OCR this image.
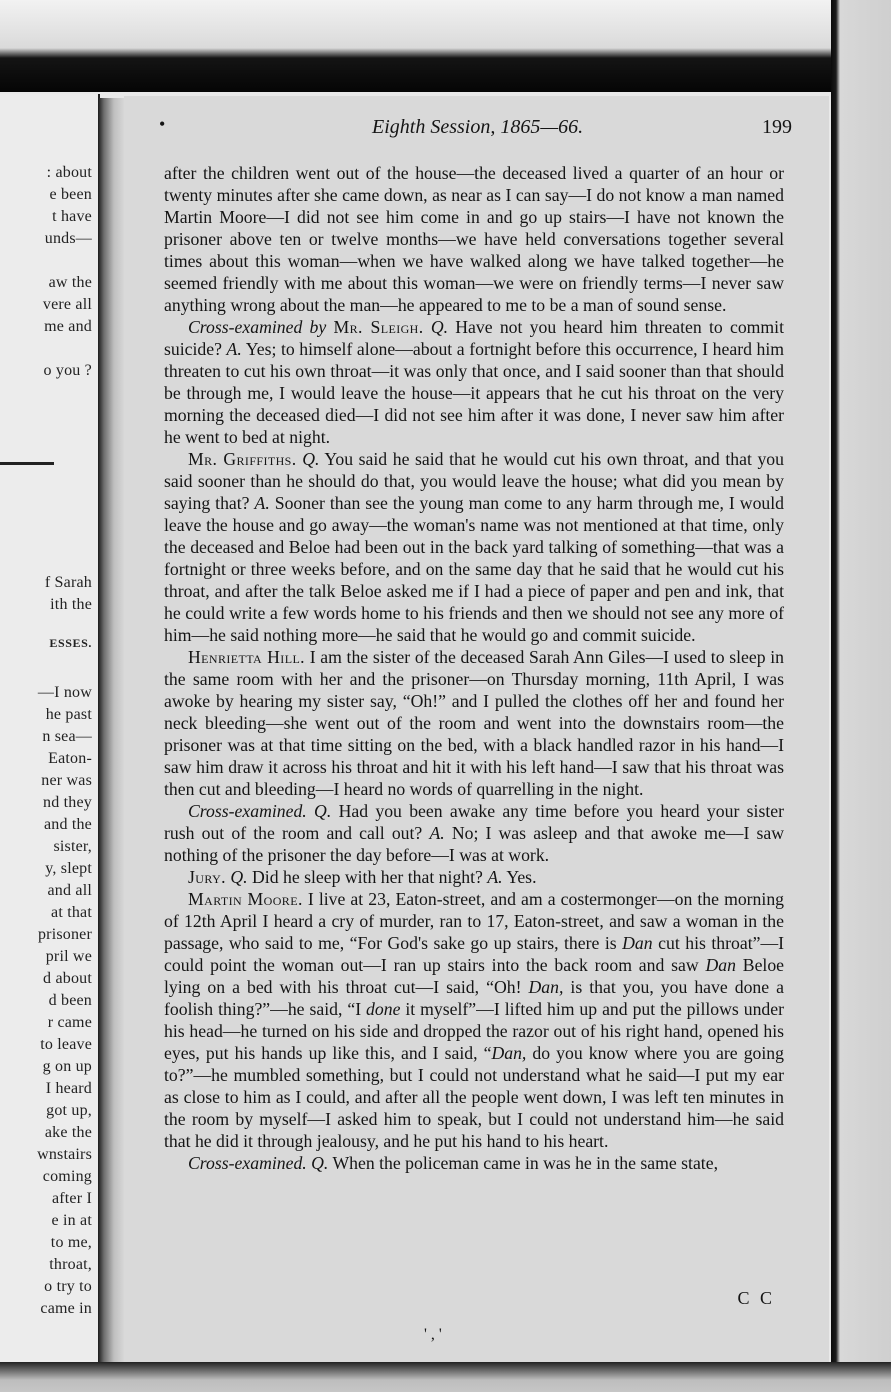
: about
e been
t have
unds—
aw the
vere all
me and
o you ?
f Sarah
ith the
ESSES.
—I now
he past
n sea—
Eaton-
ner was
nd they
and the
sister,
y, slept
and all
at that
prisoner
pril we
d about
d been
r came
to leave
g on up
I heard
got up,
ake the
wnstairs
coming
after I
e in at
to me,
throat,
o try to
came in
•	Eighth Session, 1865—66.	199

after the children went out of the house—the deceased lived a quarter of an hour or twenty minutes after she came down, as near as I can say—I do not know a man named Martin Moore—I did not see him come in and go up stairs—I have not known the prisoner above ten or twelve months—we have held conversations together several times about this woman—when we have walked along we have talked together—he seemed friendly with me about this woman—we were on friendly terms—I never saw anything wrong about the man—he appeared to me to be a man of sound sense.

Cross-examined by Mr. Sleigh. Q. Have not you heard him threaten to commit suicide? A. Yes; to himself alone—about a fortnight before this occurrence, I heard him threaten to cut his own throat—it was only that once, and I said sooner than that should be through me, I would leave the house—it appears that he cut his throat on the very morning the deceased died—I did not see him after it was done, I never saw him after he went to bed at night.

Mr. Griffiths. Q. You said he said that he would cut his own throat, and that you said sooner than he should do that, you would leave the house; what did you mean by saying that? A. Sooner than see the young man come to any harm through me, I would leave the house and go away—the woman's name was not mentioned at that time, only the deceased and Beloe had been out in the back yard talking of something—that was a fortnight or three weeks before, and on the same day that he said that he would cut his throat, and after the talk Beloe asked me if I had a piece of paper and pen and ink, that he could write a few words home to his friends and then we should not see any more of him—he said nothing more—he said that he would go and commit suicide.

Henrietta Hill. I am the sister of the deceased Sarah Ann Giles—I used to sleep in the same room with her and the prisoner—on Thursday morning, 11th April, I was awoke by hearing my sister say, “Oh!” and I pulled the clothes off her and found her neck bleeding—she went out of the room and went into the downstairs room—the prisoner was at that time sitting on the bed, with a black handled razor in his hand—I saw him draw it across his throat and hit it with his left hand—I saw that his throat was then cut and bleeding—I heard no words of quarrelling in the night.

Cross-examined. Q. Had you been awake any time before you heard your sister rush out of the room and call out? A. No; I was asleep and that awoke me—I saw nothing of the prisoner the day before—I was at work.

Jury. Q. Did he sleep with her that night? A. Yes.

Martin Moore. I live at 23, Eaton-street, and am a costermonger—on the morning of 12th April I heard a cry of murder, ran to 17, Eaton-street, and saw a woman in the passage, who said to me, “For God's sake go up stairs, there is Dan cut his throat”—I could point the woman out—I ran up stairs into the back room and saw Dan Beloe lying on a bed with his throat cut—I said, “Oh! Dan, is that you, you have done a foolish thing?”—he said, “I done it myself”—I lifted him up and put the pillows under his head—he turned on his side and dropped the razor out of his right hand, opened his eyes, put his hands up like this, and I said, “Dan, do you know where you are going to?”—he mumbled something, but I could not understand what he said—I put my ear as close to him as I could, and after all the people went down, I was left ten minutes in the room by myself—I asked him to speak, but I could not understand him—he said that he did it through jealousy, and he put his hand to his heart.

Cross-examined. Q. When the policeman came in was he in the same state,

C C
' , '
